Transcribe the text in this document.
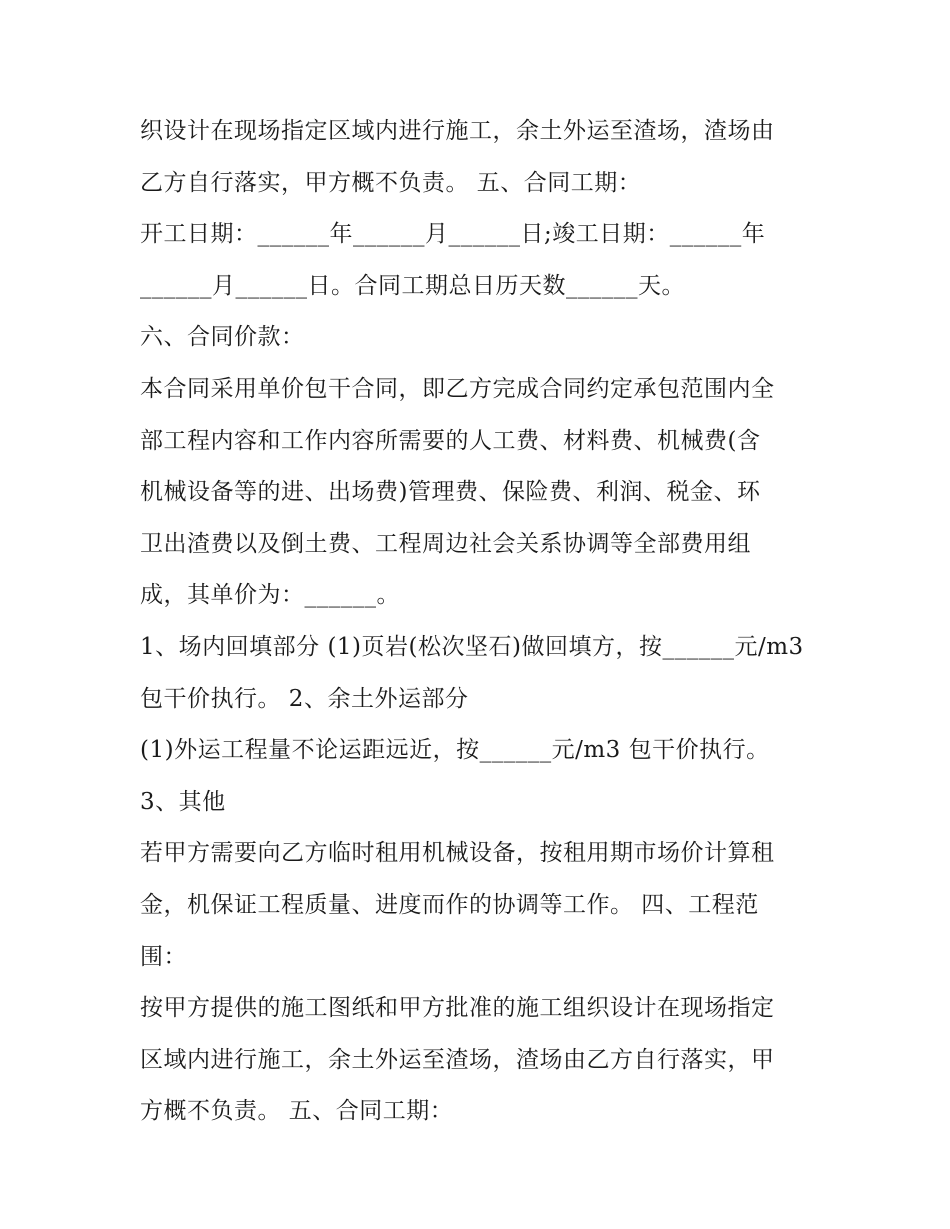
织设计在现场指定区域内进行施工，余土外运至渣场，渣场由
乙方自行落实，甲方概不负责。 五、合同工期：
开工日期：______年______月______日;竣工日期：______年
______月______日。合同工期总日历天数______天。
六、合同价款：
本合同采用单价包干合同，即乙方完成合同约定承包范围内全
部工程内容和工作内容所需要的人工费、材料费、机械费(含
机械设备等的进、出场费)管理费、保险费、利润、税金、环
卫出渣费以及倒土费、工程周边社会关系协调等全部费用组
成，其单价为：______。
1、场内回填部分 (1)页岩(松次坚石)做回填方，按______元/m3
包干价执行。 2、余土外运部分
(1)外运工程量不论运距远近，按______元/m3 包干价执行。
3、其他
若甲方需要向乙方临时租用机械设备，按租用期市场价计算租
金，机保证工程质量、进度而作的协调等工作。 四、工程范
围：
按甲方提供的施工图纸和甲方批准的施工组织设计在现场指定
区域内进行施工，余土外运至渣场，渣场由乙方自行落实，甲
方概不负责。 五、合同工期：
